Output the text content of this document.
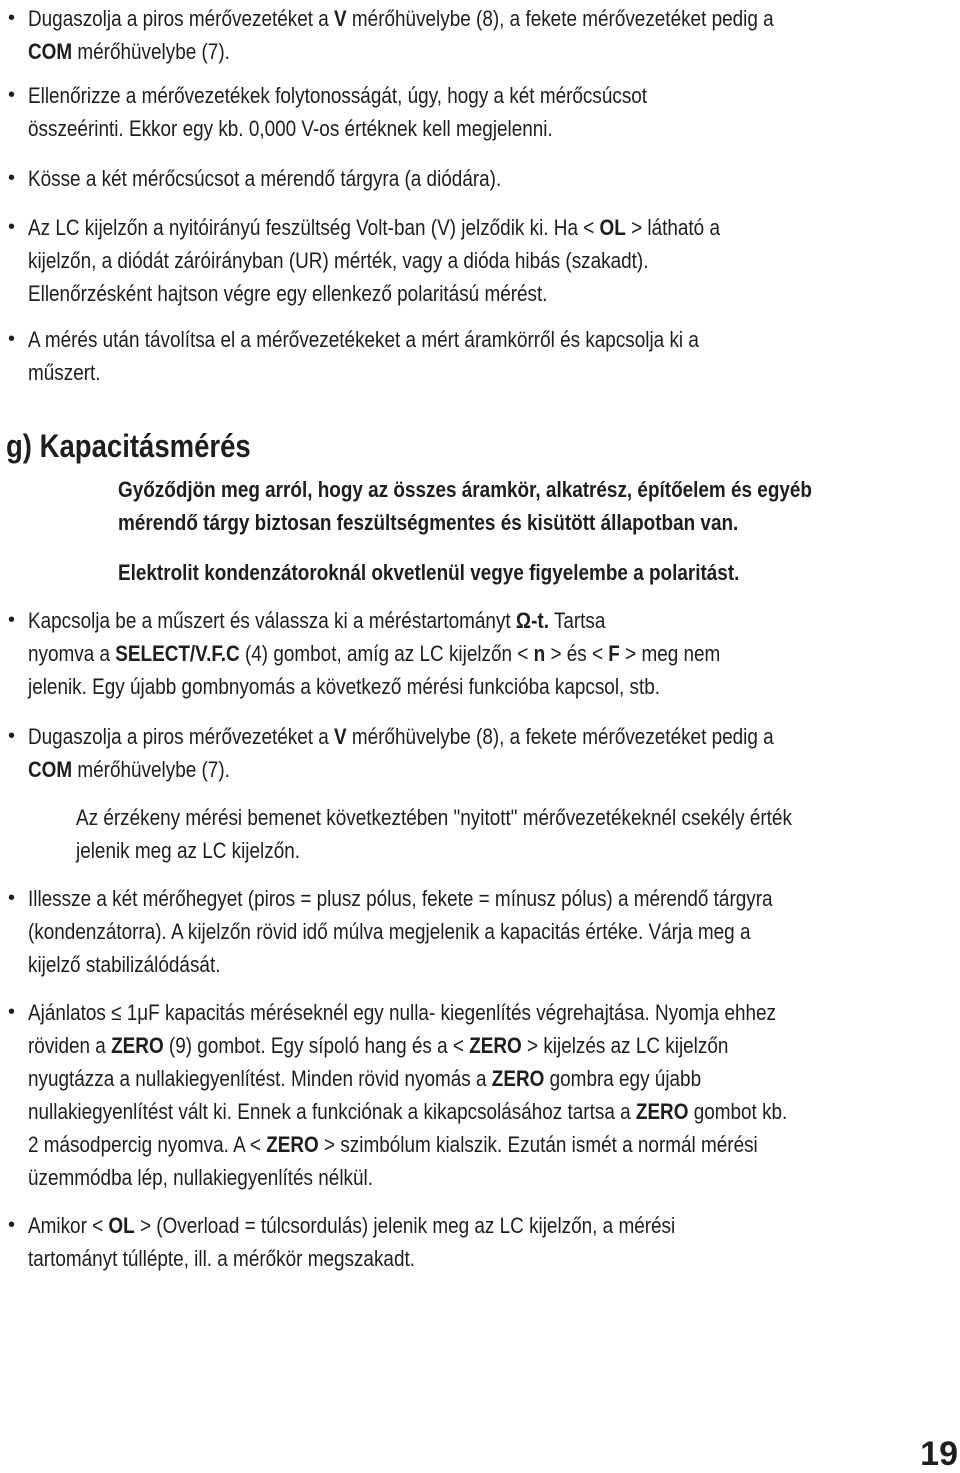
• Dugaszolja a piros mérővezetéket a V mérőhüvelybe (8), a fekete mérővezetéket pedig a
COM mérőhüvelybe (7).
• Ellenőrizze a mérővezetékek folytonosságát, úgy, hogy a két mérőcsúcsot
összeérinti. Ekkor egy kb. 0,000 V-os értéknek kell megjelenni.
• Kösse a két mérőcsúcsot a mérendő tárgyra (a diódára).
• Az LC kijelzőn a nyitóirányú feszültség Volt-ban (V) jelződik ki. Ha < OL > látható a
kijelzőn, a diódát záróirányban (UR) mérték, vagy a dióda hibás (szakadt).
Ellenőrzésként hajtson végre egy ellenkező polaritású mérést.
• A mérés után távolítsa el a mérővezetékeket a mért áramkörről és kapcsolja ki a
műszert.
g) Kapacitásmérés
Győződjön meg arról, hogy az összes áramkör, alkatrész, építőelem és egyéb
mérendő tárgy biztosan feszültségmentes és kisütött állapotban van.
Elektrolit kondenzátoroknál okvetlenül vegye figyelembe a polaritást.
• Kapcsolja be a műszert és válassza ki a méréstartományt Ω-t. Tartsa
nyomva a SELECT/V.F.C (4) gombot, amíg az LC kijelzőn < n > és < F > meg nem
jelenik. Egy újabb gombnyomás a következő mérési funkcióba kapcsol, stb.
• Dugaszolja a piros mérővezetéket a V mérőhüvelybe (8), a fekete mérővezetéket pedig a
COM mérőhüvelybe (7).
Az érzékeny mérési bemenet következtében "nyitott" mérővezetékeknél csekély érték
jelenik meg az LC kijelzőn.
• Illessze a két mérőhegyet (piros = plusz pólus, fekete = mínusz pólus) a mérendő tárgyra
(kondenzátorra). A kijelzőn rövid idő múlva megjelenik a kapacitás értéke. Várja meg a
kijelző stabilizálódását.
• Ajánlatos ≤ 1μF kapacitás méréseknél egy nulla- kiegenlítés végrehajtása. Nyomja ehhez
röviden a ZERO (9) gombot. Egy sípoló hang és a < ZERO > kijelzés az LC kijelzőn
nyugtázza a nullakiegyenlítést. Minden rövid nyomás a ZERO gombra egy újabb
nullakiegyenlítést vált ki. Ennek a funkciónak a kikapcsolásához tartsa a ZERO gombot kb.
2 másodpercig nyomva. A < ZERO > szimbólum kialszik. Ezután ismét a normál mérési
üzemmódba lép, nullakiegyenlítés nélkül.
• Amikor < OL > (Overload = túlcsordulás) jelenik meg az LC kijelzőn, a mérési
tartományt túllépte, ill. a mérőkör megszakadt.
19
